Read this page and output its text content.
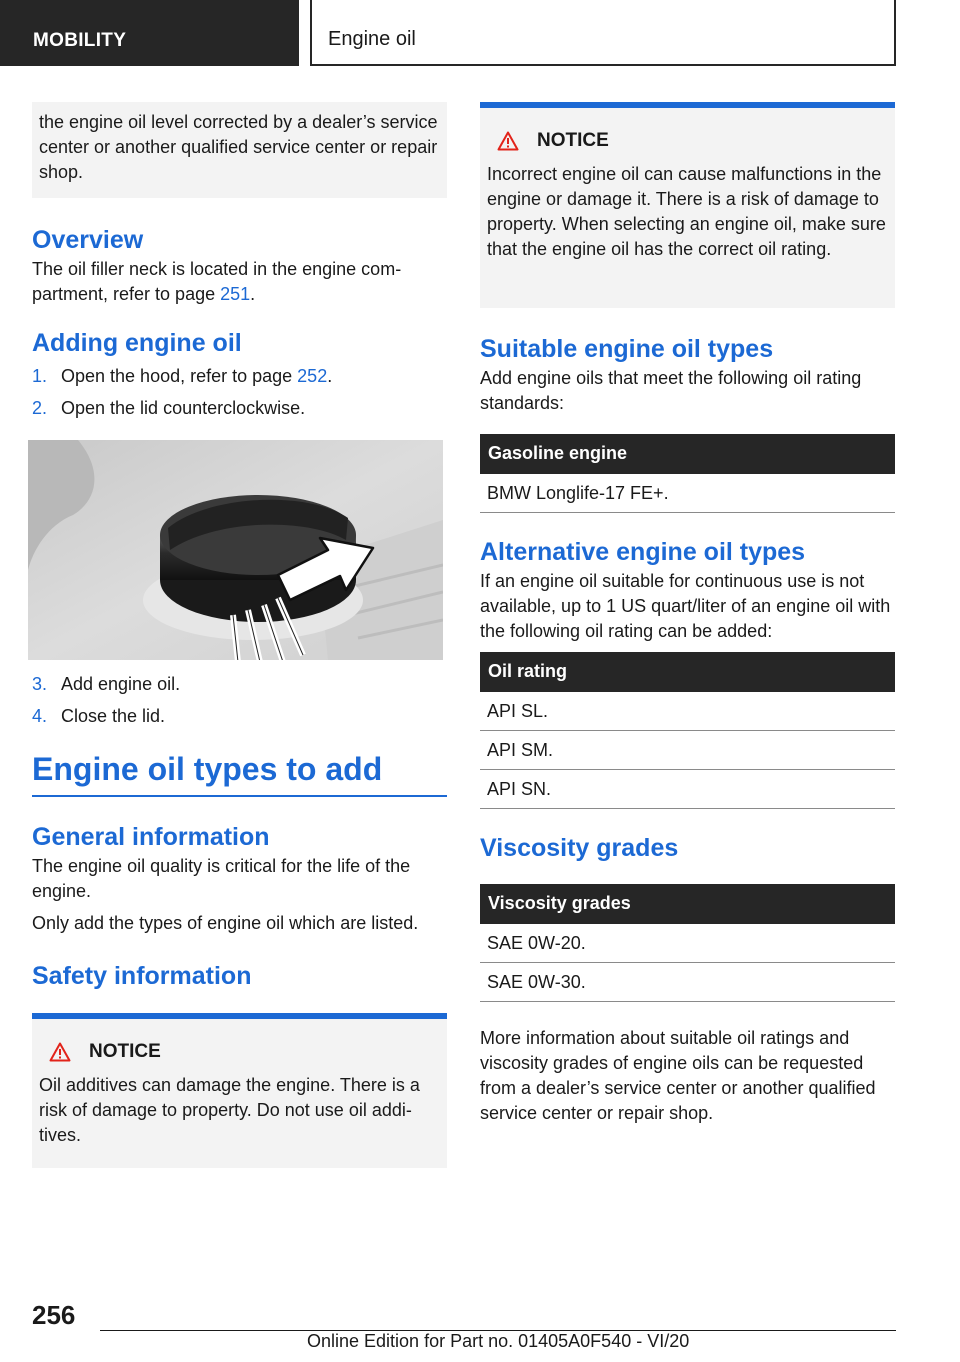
MOBILITY	Engine oil

the engine oil level corrected by a dealer’s service center or another qualified service center or repair shop.

Overview

The oil filler neck is located in the engine compartment, refer to page 251.

Adding engine oil
1. Open the hood, refer to page 252.
2. Open the lid counterclockwise.
3. Add engine oil.
4. Close the lid.
Engine oil types to add
General information

The engine oil quality is critical for the life of the engine.

Only add the types of engine oil which are listed.

Safety information
NOTICE

Oil additives can damage the engine. There is a risk of damage to property. Do not use oil additives.

NOTICE

Incorrect engine oil can cause malfunctions in the engine or damage it. There is a risk of damage to property. When selecting an engine oil, make sure that the engine oil has the correct oil rating.

Suitable engine oil types

Add engine oils that meet the following oil rating standards:

Gasoline engine
BMW Longlife-17 FE+.
Alternative engine oil types

If an engine oil suitable for continuous use is not available, up to 1 US quart/liter of an engine oil with the following oil rating can be added:

Oil rating
API SL.
API SM.
API SN.
Viscosity grades
Viscosity grades
SAE 0W-20.
SAE 0W-30.

More information about suitable oil ratings and viscosity grades of engine oils can be requested from a dealer’s service center or another qualified service center or repair shop.

256
Online Edition for Part no. 01405A0F540 - VI/20
